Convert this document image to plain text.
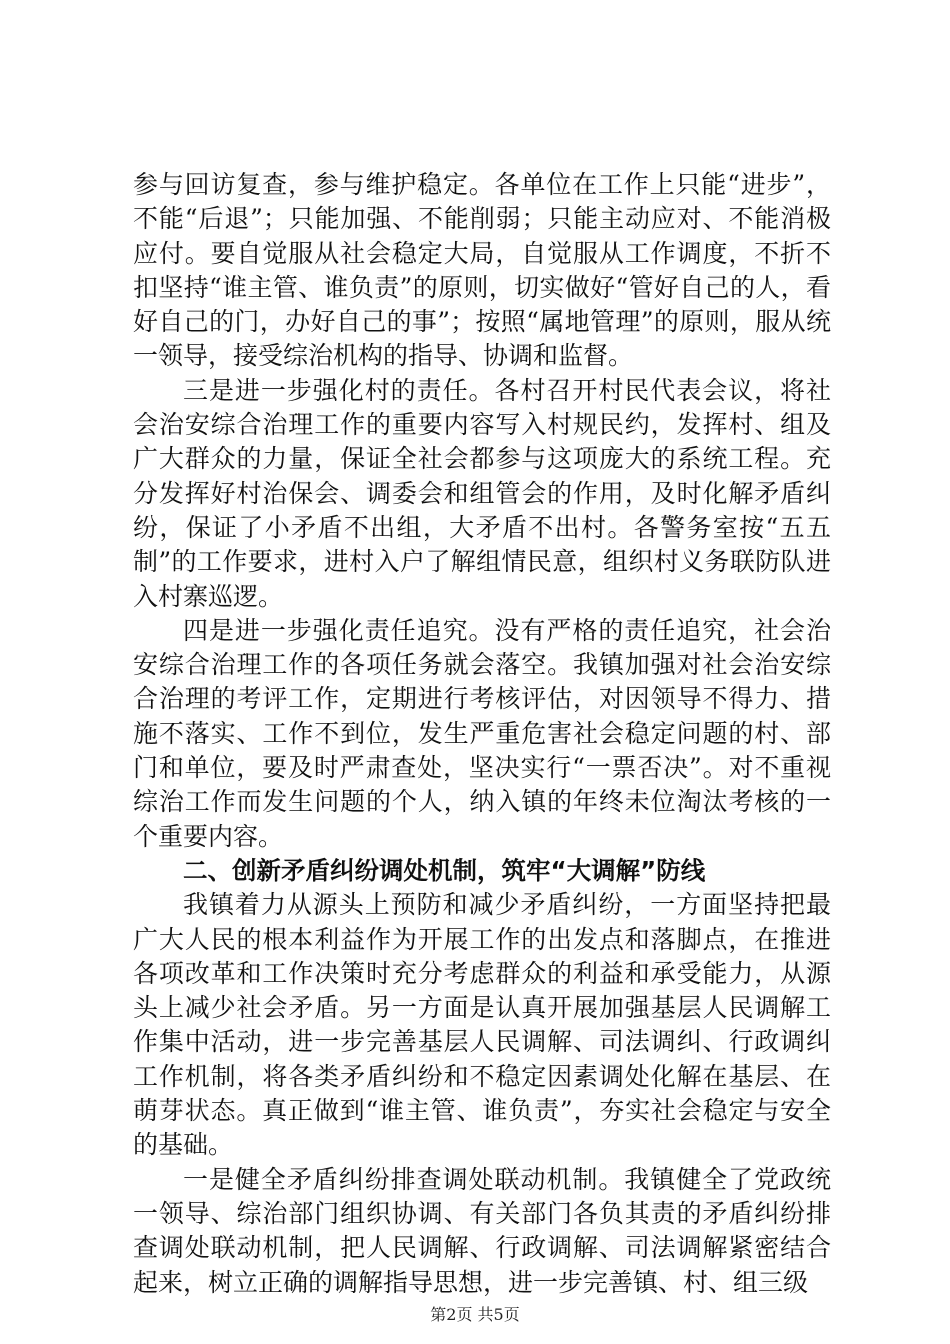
参与回访复查，参与维护稳定。各单位在工作上只能“进步”，不能“后退”；只能加强、不能削弱；只能主动应对、不能消极应付。要自觉服从社会稳定大局，自觉服从工作调度，不折不扣坚持“谁主管、谁负责”的原则，切实做好“管好自己的人，看好自己的门，办好自己的事”；按照“属地管理”的原则，服从统一领导，接受综治机构的指导、协调和监督。

三是进一步强化村的责任。各村召开村民代表会议，将社会治安综合治理工作的重要内容写入村规民约，发挥村、组及广大群众的力量，保证全社会都参与这项庞大的系统工程。充分发挥好村治保会、调委会和组管会的作用，及时化解矛盾纠纷，保证了小矛盾不出组，大矛盾不出村。各警务室按“五五制”的工作要求，进村入户了解组情民意，组织村义务联防队进入村寨巡逻。

四是进一步强化责任追究。没有严格的责任追究，社会治安综合治理工作的各项任务就会落空。我镇加强对社会治安综合治理的考评工作，定期进行考核评估，对因领导不得力、措施不落实、工作不到位，发生严重危害社会稳定问题的村、部门和单位，要及时严肃查处，坚决实行“一票否决”。对不重视综治工作而发生问题的个人，纳入镇的年终未位淘汰考核的一个重要内容。

二、创新矛盾纠纷调处机制，筑牢“大调解”防线

我镇着力从源头上预防和减少矛盾纠纷，一方面坚持把最广大人民的根本利益作为开展工作的出发点和落脚点，在推进各项改革和工作决策时充分考虑群众的利益和承受能力，从源头上减少社会矛盾。另一方面是认真开展加强基层人民调解工作集中活动，进一步完善基层人民调解、司法调纠、行政调纠工作机制，将各类矛盾纠纷和不稳定因素调处化解在基层、在萌芽状态。真正做到“谁主管、谁负责”，夯实社会稳定与安全的基础。

一是健全矛盾纠纷排查调处联动机制。我镇健全了党政统一领导、综治部门组织协调、有关部门各负其责的矛盾纠纷排查调处联动机制，把人民调解、行政调解、司法调解紧密结合起来，树立正确的调解指导思想，进一步完善镇、村、组三级

第2页 共5页
